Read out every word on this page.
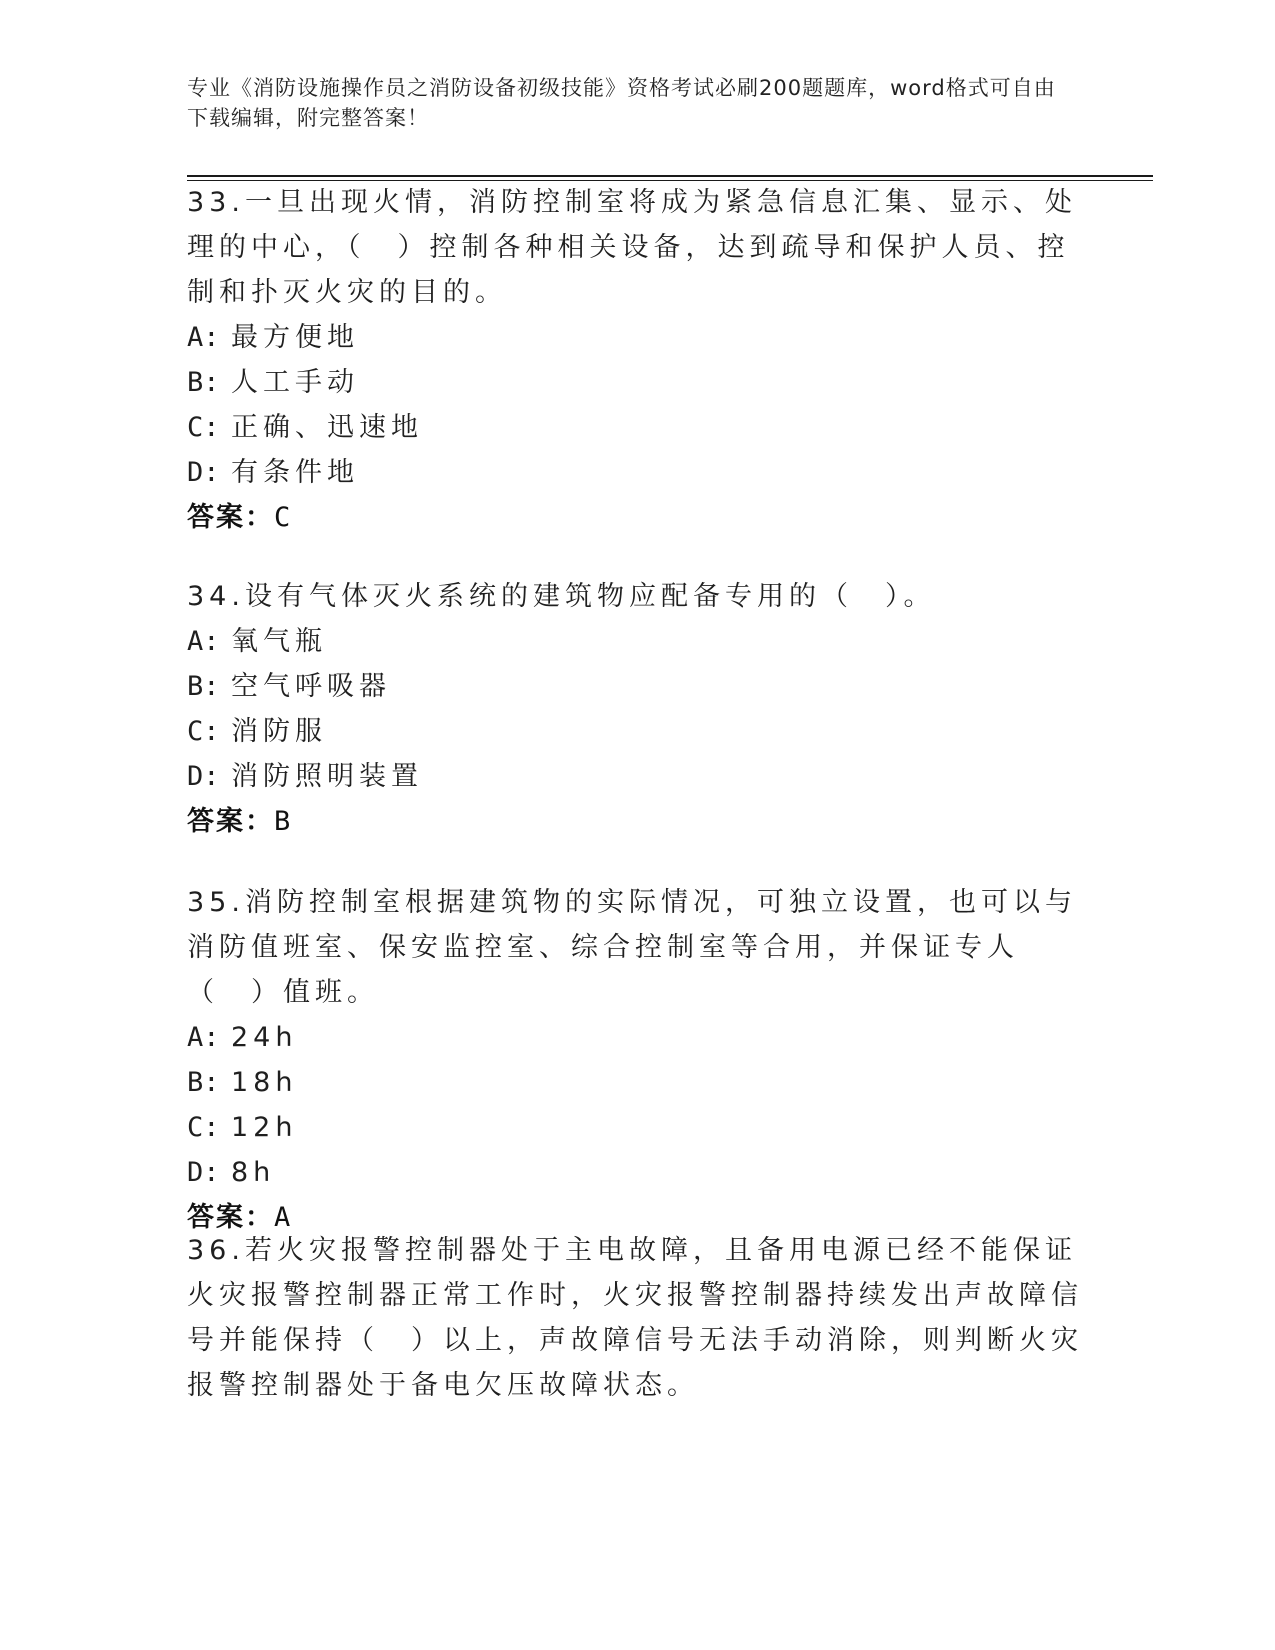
专业《消防设施操作员之消防设备初级技能》资格考试必刷200题题库，word格式可自由下载编辑，附完整答案！
33.一旦出现火情，消防控制室将成为紧急信息汇集、显示、处理的中心，（　）控制各种相关设备，达到疏导和保护人员、控制和扑灭火灾的目的。
A: 最方便地
B: 人工手动
C: 正确、迅速地
D: 有条件地
答案：C
34.设有气体灭火系统的建筑物应配备专用的（　）。
A: 氧气瓶
B: 空气呼吸器
C: 消防服
D: 消防照明装置
答案：B
35.消防控制室根据建筑物的实际情况，可独立设置，也可以与消防值班室、保安监控室、综合控制室等合用，并保证专人（　）值班。
A: 24h
B: 18h
C: 12h
D: 8h
答案：A
36.若火灾报警控制器处于主电故障，且备用电源已经不能保证火灾报警控制器正常工作时，火灾报警控制器持续发出声故障信号并能保持（　）以上，声故障信号无法手动消除，则判断火灾报警控制器处于备电欠压故障状态。
